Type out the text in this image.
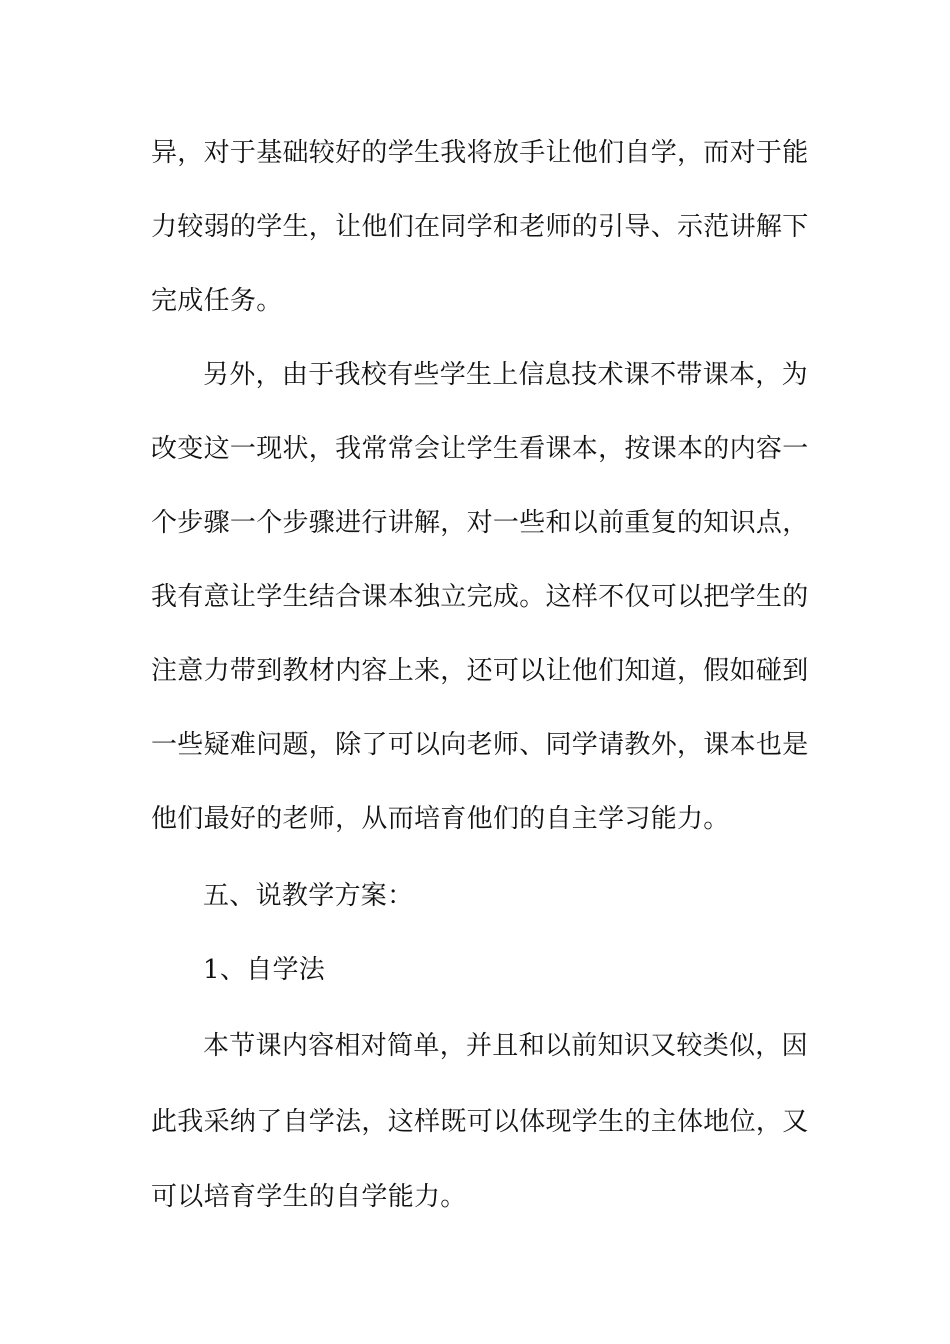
异，对于基础较好的学生我将放手让他们自学，而对于能
力较弱的学生，让他们在同学和老师的引导、示范讲解下
完成任务。
另外，由于我校有些学生上信息技术课不带课本，为
改变这一现状，我常常会让学生看课本，按课本的内容一
个步骤一个步骤进行讲解，对一些和以前重复的知识点，
我有意让学生结合课本独立完成。这样不仅可以把学生的
注意力带到教材内容上来，还可以让他们知道，假如碰到
一些疑难问题，除了可以向老师、同学请教外，课本也是
他们最好的老师，从而培育他们的自主学习能力。
五、说教学方案：
1、自学法
本节课内容相对简单，并且和以前知识又较类似，因
此我采纳了自学法，这样既可以体现学生的主体地位，又
可以培育学生的自学能力。
